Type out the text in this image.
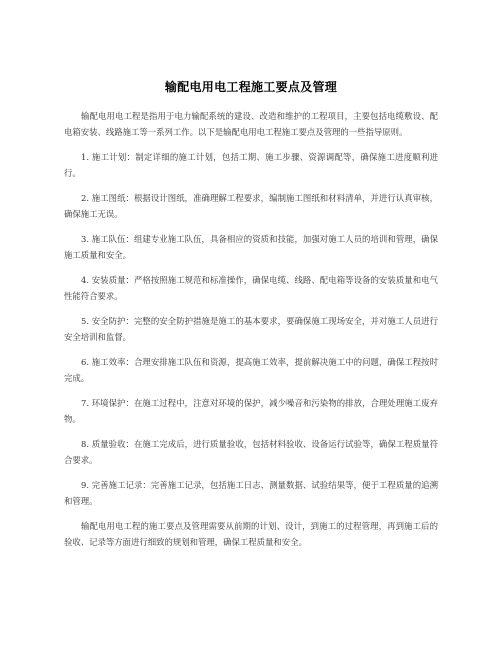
输配电用电工程施工要点及管理

输配电用电工程是指用于电力输配系统的建设、改造和维护的工程项目，主要包括电缆敷设、配电箱安装、线路施工等一系列工作。以下是输配电用电工程施工要点及管理的一些指导原则。

1. 施工计划：制定详细的施工计划，包括工期、施工步骤、资源调配等，确保施工进度顺利进行。

2. 施工图纸：根据设计图纸，准确理解工程要求，编制施工图纸和材料清单，并进行认真审核，确保施工无误。

3. 施工队伍：组建专业施工队伍，具备相应的资质和技能，加强对施工人员的培训和管理，确保施工质量和安全。

4. 安装质量：严格按照施工规范和标准操作，确保电缆、线路、配电箱等设备的安装质量和电气性能符合要求。

5. 安全防护：完整的安全防护措施是施工的基本要求，要确保施工现场安全，并对施工人员进行安全培训和监督。

6. 施工效率：合理安排施工队伍和资源，提高施工效率，提前解决施工中的问题，确保工程按时完成。

7. 环境保护：在施工过程中，注意对环境的保护，减少噪音和污染物的排放，合理处理施工废弃物。

8. 质量验收：在施工完成后，进行质量验收，包括材料验收、设备运行试验等，确保工程质量符合要求。

9. 完善施工记录：完善施工记录，包括施工日志、测量数据、试验结果等，便于工程质量的追溯和管理。

输配电用电工程的施工要点及管理需要从前期的计划、设计，到施工的过程管理，再到施工后的验收、记录等方面进行细致的规划和管理，确保工程质量和安全。
